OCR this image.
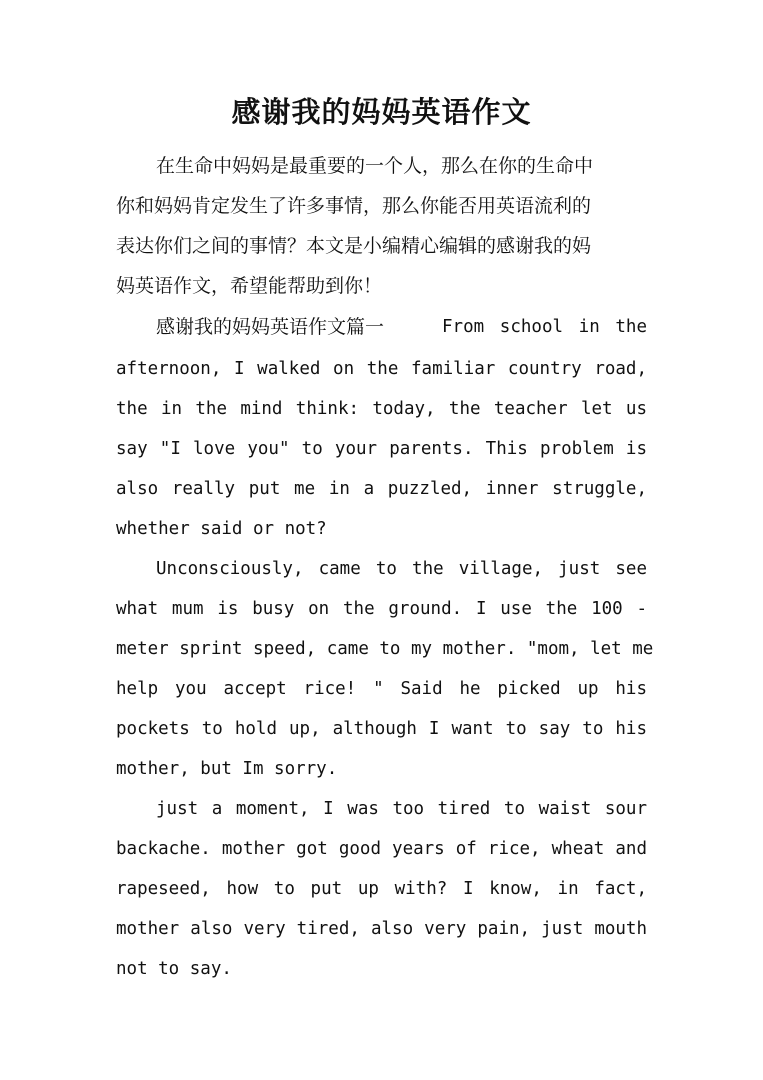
感谢我的妈妈英语作文
在生命中妈妈是最重要的一个人，那么在你的生命中
你和妈妈肯定发生了许多事情，那么你能否用英语流利的
表达你们之间的事情？本文是小编精心编辑的感谢我的妈
妈英语作文，希望能帮助到你！
感谢我的妈妈英语作文篇一	From school in the
afternoon, I walked on the familiar country road,
the in the mind think: today, the teacher let us
say "I love you" to your parents. This problem is
also really put me in a puzzled, inner struggle,
whether said or not?
Unconsciously, came to the village, just see
what mum is busy on the ground. I use the 100 -
meter sprint speed, came to my mother. "mom, let me
help you accept rice! " Said he picked up his
pockets to hold up, although I want to say to his
mother, but Im sorry.
just a moment, I was too tired to waist sour
backache. mother got good years of rice, wheat and
rapeseed, how to put up with? I know, in fact,
mother also very tired, also very pain, just mouth
not to say.
